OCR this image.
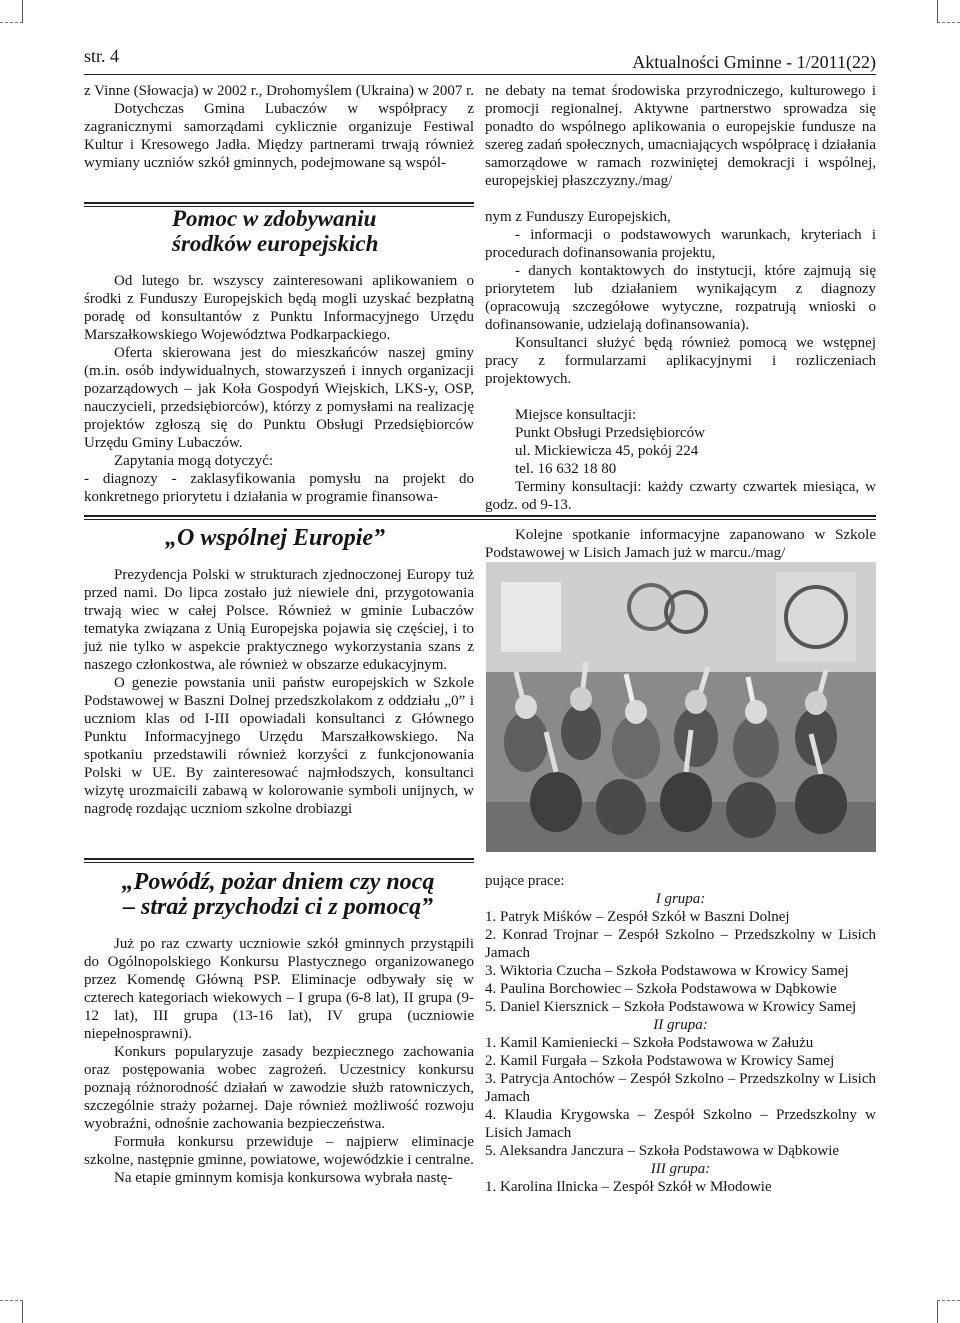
str. 4	Aktualności Gminne - 1/2011(22)

z Vinne (Słowacja) w 2002 r., Drohomyślem (Ukraina) w 2007 r.

Dotychczas Gmina Lubaczów w współpracy z zagranicznymi samorządami cyklicznie organizuje Festiwal Kultur i Kresowego Jadła. Między partnerami trwają również wymiany uczniów szkół gminnych, podejmowane są wspól-

ne debaty na temat środowiska przyrodniczego, kulturowego i promocji regionalnej. Aktywne partnerstwo sprowadza się ponadto do wspólnego aplikowania o europejskie fundusze na szereg zadań społecznych, umacniających współpracę i działania samorządowe w ramach rozwiniętej demokracji i wspólnej, europejskiej płaszczyzny./mag/

Pomoc w zdobywaniu
środków europejskich

Od lutego br. wszyscy zainteresowani aplikowaniem o środki z Funduszy Europejskich będą mogli uzyskać bezpłatną poradę od konsultantów z Punktu Informacyjnego Urzędu Marszałkowskiego Województwa Podkarpackiego.

Oferta skierowana jest do mieszkańców naszej gminy (m.in. osób indywidualnych, stowarzyszeń i innych organizacji pozarządowych – jak Koła Gospodyń Wiejskich, LKS-y, OSP, nauczycieli, przedsiębiorców), którzy z pomysłami na realizację projektów zgłoszą się do Punktu Obsługi Przedsiębiorców Urzędu Gminy Lubaczów.

Zapytania mogą dotyczyć:

- diagnozy - zaklasyfikowania pomysłu na projekt do konkretnego priorytetu i działania w programie finansowa-

nym z Funduszy Europejskich,

- informacji o podstawowych warunkach, kryteriach i procedurach dofinansowania projektu,

- danych kontaktowych do instytucji, które zajmują się priorytetem lub działaniem wynikającym z diagnozy (opracowują szczegółowe wytyczne, rozpatrują wnioski o dofinansowanie, udzielają dofinansowania).

Konsultanci służyć będą również pomocą we wstępnej pracy z formularzami aplikacyjnymi i rozliczeniach projektowych.

Miejsce konsultacji:

Punkt Obsługi Przedsiębiorców

ul. Mickiewicza 45, pokój 224

tel. 16 632 18 80

Terminy konsultacji: każdy czwarty czwartek miesiąca, w godz. od 9-13.

„O wspólnej Europie”

Prezydencja Polski w strukturach zjednoczonej Europy tuż przed nami. Do lipca zostało już niewiele dni, przygotowania trwają wiec w całej Polsce. Również w gminie Lubaczów tematyka związana z Unią Europejska pojawia się częściej, i to już nie tylko w aspekcie praktycznego wykorzystania szans z naszego członkostwa, ale również w obszarze edukacyjnym.

O genezie powstania unii państw europejskich w Szkole Podstawowej w Baszni Dolnej przedszkolakom z oddziału „0” i uczniom klas od I-III opowiadali konsultanci z Głównego Punktu Informacyjnego Urzędu Marszałkowskiego. Na spotkaniu przedstawili również korzyści z funkcjonowania Polski w UE. By zainteresować najmłodszych, konsultanci wizytę urozmaicili zabawą w kolorowanie symboli unijnych, w nagrodę rozdając uczniom szkolne drobiazgi

Kolejne spotkanie informacyjne zapanowano w Szkole Podstawowej w Lisich Jamach już w marcu./mag/

„Powódź, pożar dniem czy nocą
– straż przychodzi ci z pomocą”

Już po raz czwarty uczniowie szkół gminnych przystąpili do Ogólnopolskiego Konkursu Plastycznego organizowanego przez Komendę Główną PSP. Eliminacje odbywały się w czterech kategoriach wiekowych – I grupa (6-8 lat), II grupa (9-12 lat), III grupa (13-16 lat), IV grupa (uczniowie niepełnosprawni).

Konkurs popularyzuje zasady bezpiecznego zachowania oraz postępowania wobec zagrożeń. Uczestnicy konkursu poznają różnorodność działań w zawodzie służb ratowniczych, szczególnie straży pożarnej. Daje również możliwość rozwoju wyobraźni, odnośnie zachowania bezpieczeństwa.

Formuła konkursu przewiduje – najpierw eliminacje szkolne, następnie gminne, powiatowe, wojewódzkie i centralne.

Na etapie gminnym komisja konkursowa wybrała nastę-

pujące prace:

I grupa:

1. Patryk Miśków – Zespół Szkół w Baszni Dolnej

2. Konrad Trojnar – Zespół Szkolno – Przedszkolny w Lisich Jamach

3. Wiktoria Czucha – Szkoła Podstawowa w Krowicy Samej

4. Paulina Borchowiec – Szkoła Podstawowa w Dąbkowie

5. Daniel Kiersznick – Szkoła Podstawowa w Krowicy Samej

II grupa:

1. Kamil Kamieniecki – Szkoła Podstawowa w Załużu

2. Kamil Furgała – Szkoła Podstawowa w Krowicy Samej

3. Patrycja Antochów – Zespół Szkolno – Przedszkolny w Lisich Jamach

4. Klaudia Krygowska – Zespół Szkolno – Przedszkolny w Lisich Jamach

5. Aleksandra Janczura – Szkoła Podstawowa w Dąbkowie

III grupa:

1. Karolina Ilnicka – Zespół Szkół w Młodowie
